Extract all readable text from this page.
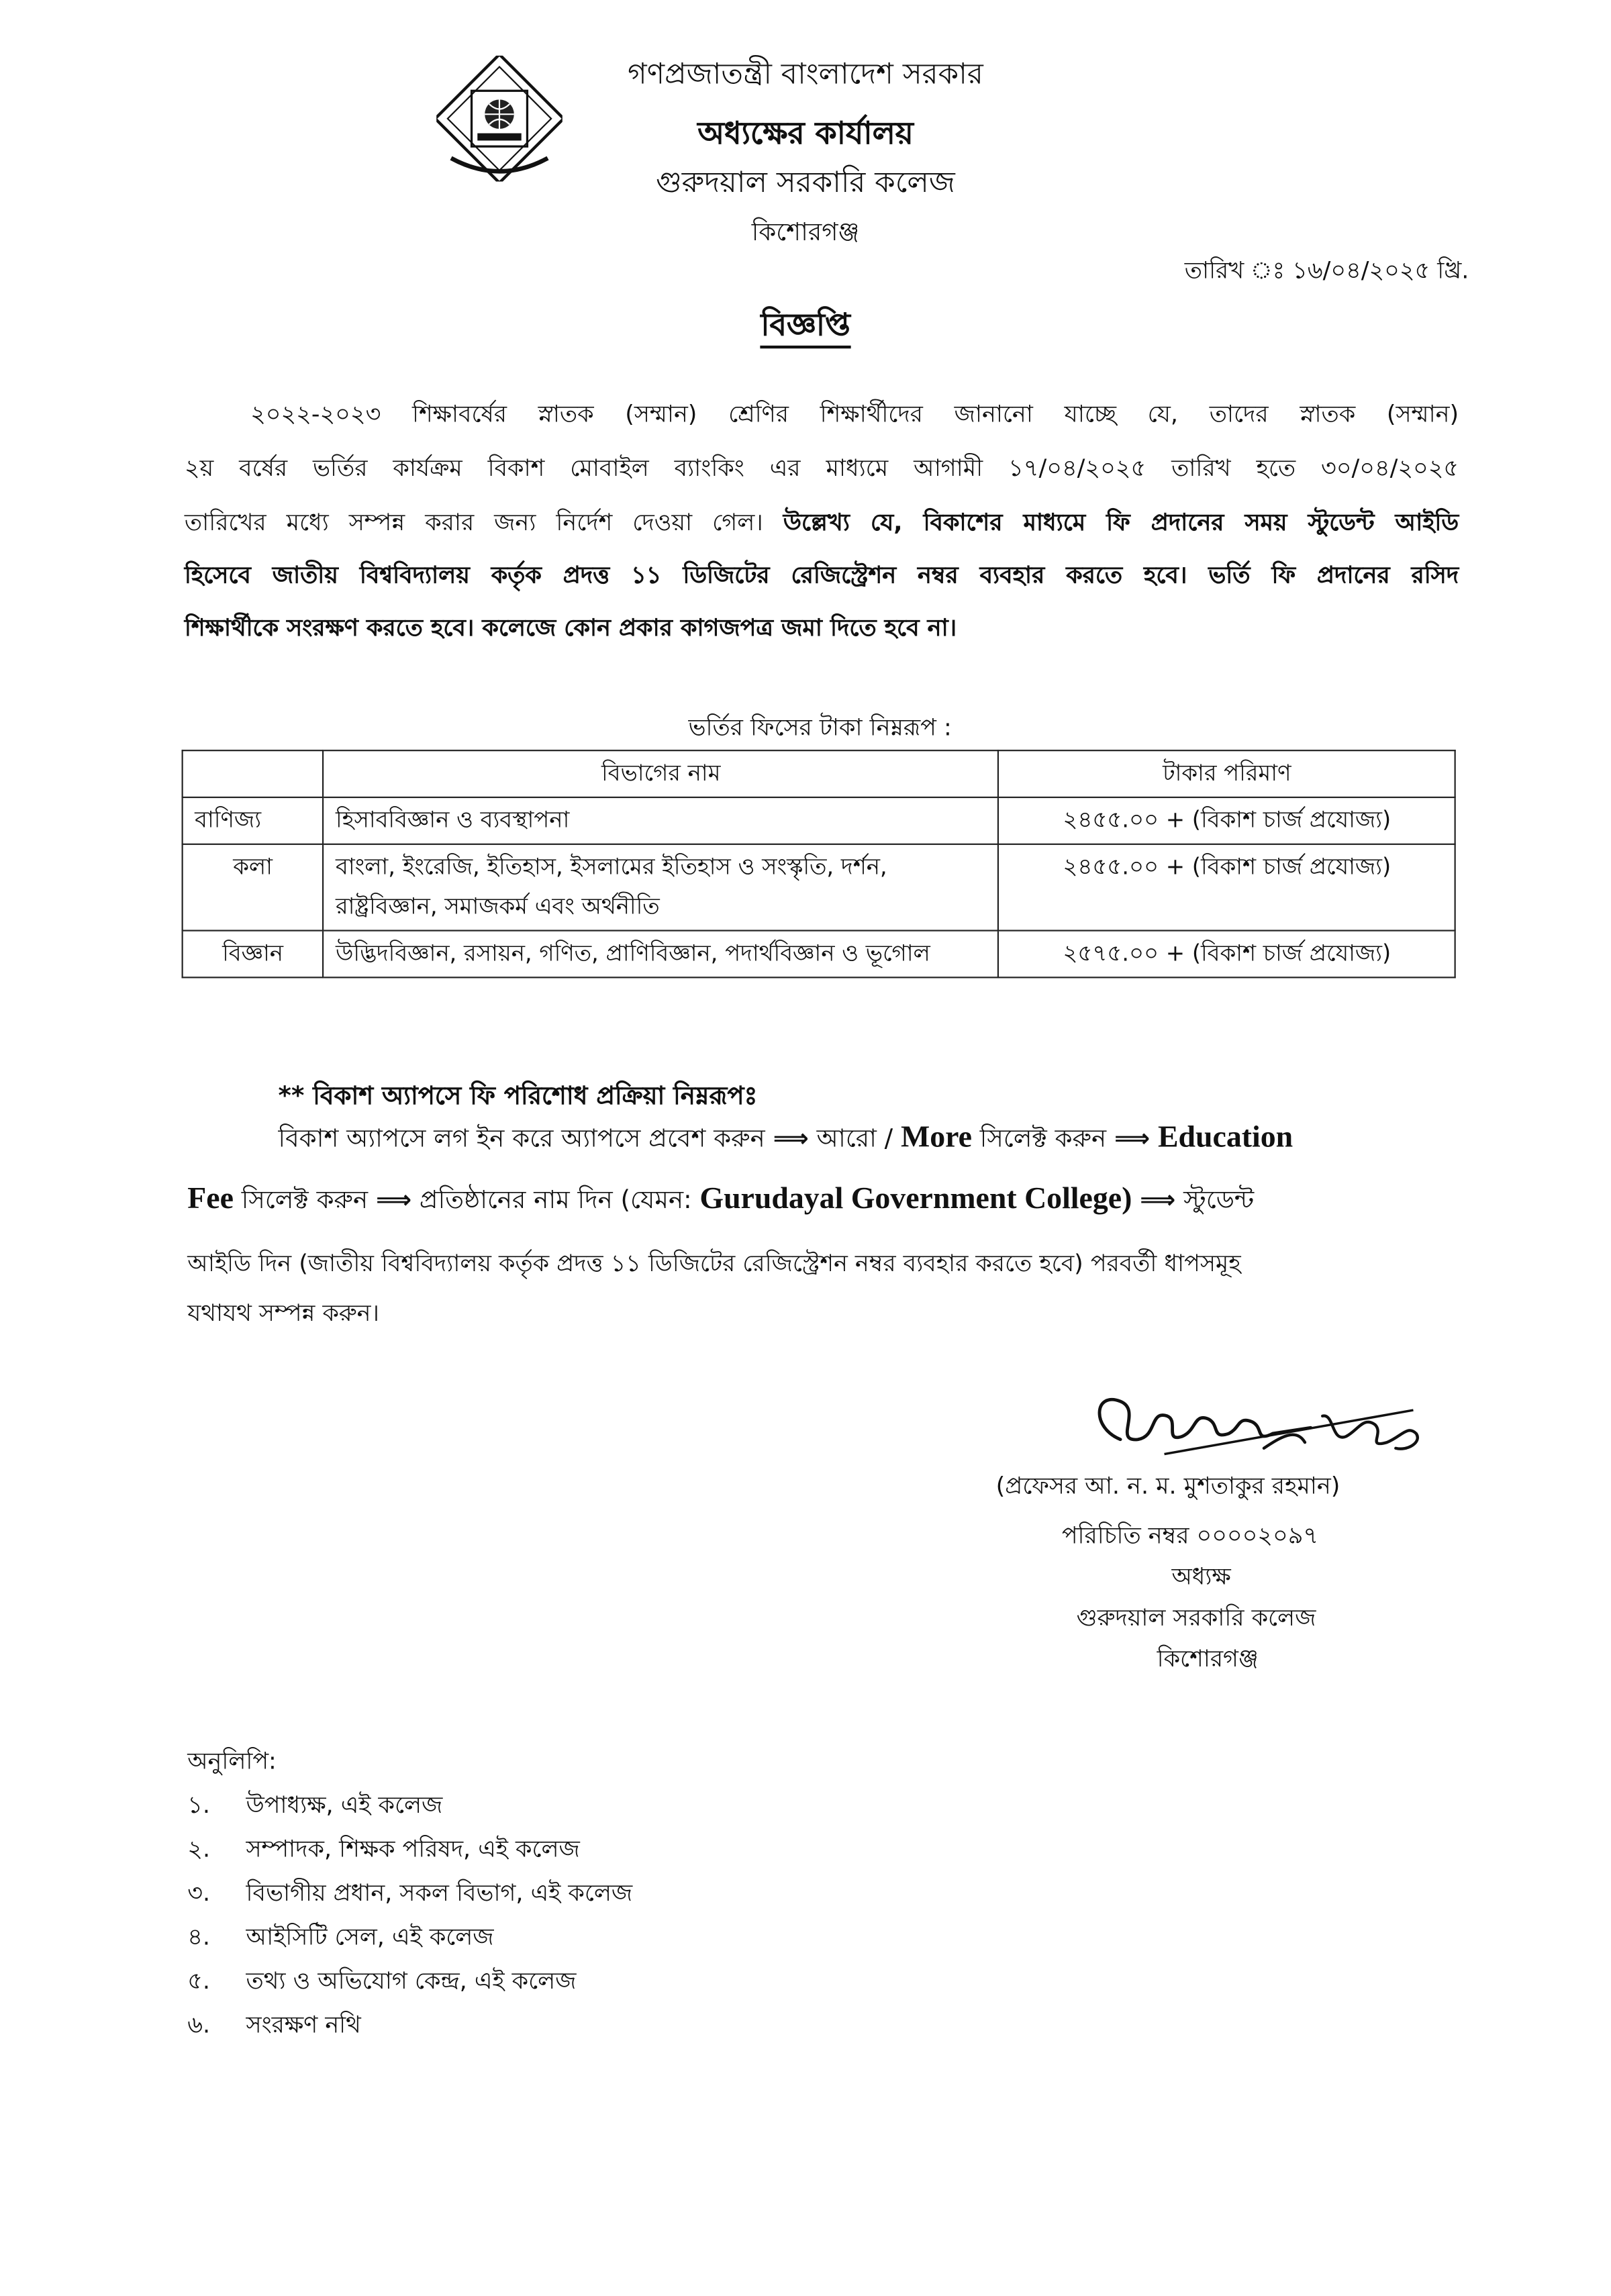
গণপ্রজাতন্ত্রী বাংলাদেশ সরকার
অধ্যক্ষের কার্যালয়
গুরুদয়াল সরকারি কলেজ
কিশোরগঞ্জ
তারিখ ঃ ১৬/০৪/২০২৫ খ্রি.
বিজ্ঞপ্তি
২০২২-২০২৩ শিক্ষাবর্ষের স্নাতক (সম্মান) শ্রেণির শিক্ষার্থীদের জানানো যাচ্ছে যে, তাদের স্নাতক (সম্মান)
২য় বর্ষের ভর্তির কার্যক্রম বিকাশ মোবাইল ব্যাংকিং এর মাধ্যমে আগামী ১৭/০৪/২০২৫ তারিখ হতে ৩০/০৪/২০২৫
তারিখের মধ্যে সম্পন্ন করার জন্য নির্দেশ দেওয়া গেল। উল্লেখ্য যে, বিকাশের মাধ্যমে ফি প্রদানের সময় স্টুডেন্ট আইডি
হিসেবে জাতীয় বিশ্ববিদ্যালয় কর্তৃক প্রদত্ত ১১ ডিজিটের রেজিস্ট্রেশন নম্বর ব্যবহার করতে হবে। ভর্তি ফি প্রদানের রসিদ
শিক্ষার্থীকে সংরক্ষণ করতে হবে। কলেজে কোন প্রকার কাগজপত্র জমা দিতে হবে না।
ভর্তির ফিসের টাকা নিম্নরূপ :
	বিভাগের নাম	টাকার পরিমাণ
বাণিজ্য	হিসাববিজ্ঞান ও ব্যবস্থাপনা	২৪৫৫.০০ + (বিকাশ চার্জ প্রযোজ্য)
কলা	বাংলা, ইংরেজি, ইতিহাস, ইসলামের ইতিহাস ও সংস্কৃতি, দর্শন, রাষ্ট্রবিজ্ঞান, সমাজকর্ম এবং অর্থনীতি	২৪৫৫.০০ + (বিকাশ চার্জ প্রযোজ্য)
বিজ্ঞান	উদ্ভিদবিজ্ঞান, রসায়ন, গণিত, প্রাণিবিজ্ঞান, পদার্থবিজ্ঞান ও ভূগোল	২৫৭৫.০০ + (বিকাশ চার্জ প্রযোজ্য)
** বিকাশ অ্যাপসে ফি পরিশোধ প্রক্রিয়া নিম্নরূপঃ
বিকাশ অ্যাপসে লগ ইন করে অ্যাপসে প্রবেশ করুন ⟹ আরো / More সিলেক্ট করুন ⟹ Education
Fee সিলেক্ট করুন ⟹ প্রতিষ্ঠানের নাম দিন (যেমন: Gurudayal Government College) ⟹ স্টুডেন্ট
আইডি দিন (জাতীয় বিশ্ববিদ্যালয় কর্তৃক প্রদত্ত ১১ ডিজিটের রেজিস্ট্রেশন নম্বর ব্যবহার করতে হবে) পরবর্তী ধাপসমূহ
যথাযথ সম্পন্ন করুন।
(প্রফেসর আ. ন. ম. মুশতাকুর রহমান)
পরিচিতি নম্বর ০০০০২০৯৭
অধ্যক্ষ
গুরুদয়াল সরকারি কলেজ
কিশোরগঞ্জ
অনুলিপি:
১.	উপাধ্যক্ষ, এই কলেজ
২.	সম্পাদক, শিক্ষক পরিষদ, এই কলেজ
৩.	বিভাগীয় প্রধান, সকল বিভাগ, এই কলেজ
৪.	আইসিটি সেল, এই কলেজ
৫.	তথ্য ও অভিযোগ কেন্দ্র, এই কলেজ
৬.	সংরক্ষণ নথি
